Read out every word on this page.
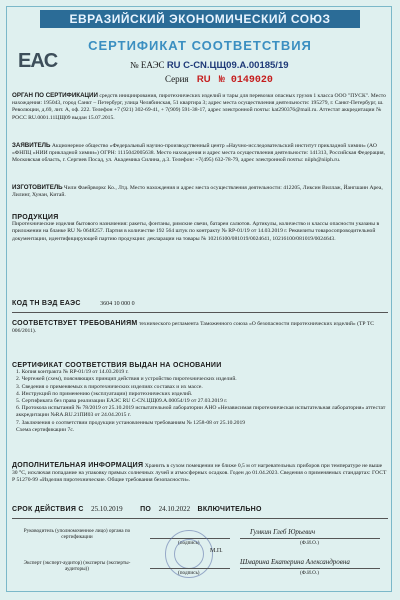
ЕВРАЗИЙСКИЙ ЭКОНОМИЧЕСКИЙ СОЮЗ
СЕРТИФИКАТ СООТВЕТСТВИЯ
EAC	№ ЕАЭС RU C-CN.ЦЩ09.А.00185/19
Серия RU № 0149020
ОРГАН ПО СЕРТИФИКАЦИИ средств инициирования, пиротехнических изделий и тары для перевозки опасных грузов 1 класса ООО "ПУСК". Место нахождения: 195043, город Санкт – Петербург, улица Челябинская, 51 квартира 3; адрес места осуществления деятельности: 195279, г. Санкт-Петербург, ш. Революции, д.69, лит. А, оф. 222. Телефон +7 (921) 302-69-41, + 7(909) 591-38-17, адрес электронной почты: kat290376@mail.ru. Аттестат аккредитации № РОСС RU.0001.11ЦЩ09 выдан 15.07.2015.
ЗАЯВИТЕЛЬ Акционерное общество «Федеральный научно-производственный центр «Научно-исследовательский институт прикладной химии» (АО «ФНПЦ «НИИ прикладной химии») ОГРН: 1115042005638. Место нахождения и адрес места осуществления деятельности: 141313, Российская Федерация, Московская область, г. Сергиев Посад, ул. Академика Силина, д.3. Телефон: +7(495) 632-78-79, адрес электронной почты: niiph@niiph.ru.
ИЗГОТОВИТЕЛЬ Чили Фаейрворкс Ко., Лтд. Место нахождения и адрес места осуществления деятельности: 412205, Ликсин Виллаж, Йангшаин Ареа, Лилинг, Хунан, Китай.
ПРОДУКЦИЯ
Пиротехнические изделия бытового назначения: ракеты, фонтаны, римские свечи, батареи салютов. Артикулы, количество и классы опасности указаны в приложении на бланке RU № 0648257. Партия в количестве 192 564 штук по контракту № RP-01/19 от 14.03.2019 г. Реквизиты товаросопроводительной документации, идентифицирующей партию продукции: декларации на товары № 10216100/081019/0024641, 10216100/081019/0024643.
КОД ТН ВЭД ЕАЭС	3604 10 000 0
СООТВЕТСТВУЕТ ТРЕБОВАНИЯМ технического регламента Таможенного союза «О безопасности пиротехнических изделий» (ТР ТС 006/2011).
СЕРТИФИКАТ СООТВЕТСТВИЯ ВЫДАН НА ОСНОВАНИИ
1. Копия контракта № RP-01/19 от 14.03.2019 г.
2. Чертежей (схем), поясняющих принцип действия и устройство пиротехнических изделий.
3. Сведения о применяемых в пиротехнических изделиях составах и их массе.
4. Инструкций по применению (эксплуатации) пиротехнических изделий.
5. Сертификата без права реализации ЕАЭС RU C-CN.ЦЩ09.А.00054/19 от 27.03.2019 г.
6. Протокола испытаний № 78/2019 от 25.10.2019 испытательной лаборатории АНО «Независимая пиротехническая испытательная лаборатория» аттестат аккредитации №RA.RU.21ПИ03 от 24.04.2015 г.
7. Заключения о соответствии продукции установленным требованиям № 1258-08 от 25.10.2019
Схема сертификации 7с.
ДОПОЛНИТЕЛЬНАЯ ИНФОРМАЦИЯ Хранить в сухом помещении не ближе 0,5 м от нагревательных приборов при температуре не выше 30 °С, исключая попадание на упаковку прямых солнечных лучей и атмосферных осадков. Годен до 01.04.2023. Сведения о применяемых стандартах: ГОСТ Р 51270-99 «Изделия пиротехнические. Общие требования безопасности».
СРОК ДЕЙСТВИЯ С 25.10.2019 ПО 24.10.2022 ВКЛЮЧИТЕЛЬНО
Руководитель (уполномоченное лицо) органа по сертификации
Гумкин Глеб Юрьевич
(подпись)	(Ф.И.О.)
М.П.
Эксперт (эксперт-аудитор) (эксперты (эксперты-аудиторы))
Шмарина Екатерина Александровна
(подпись)	(Ф.И.О.)
